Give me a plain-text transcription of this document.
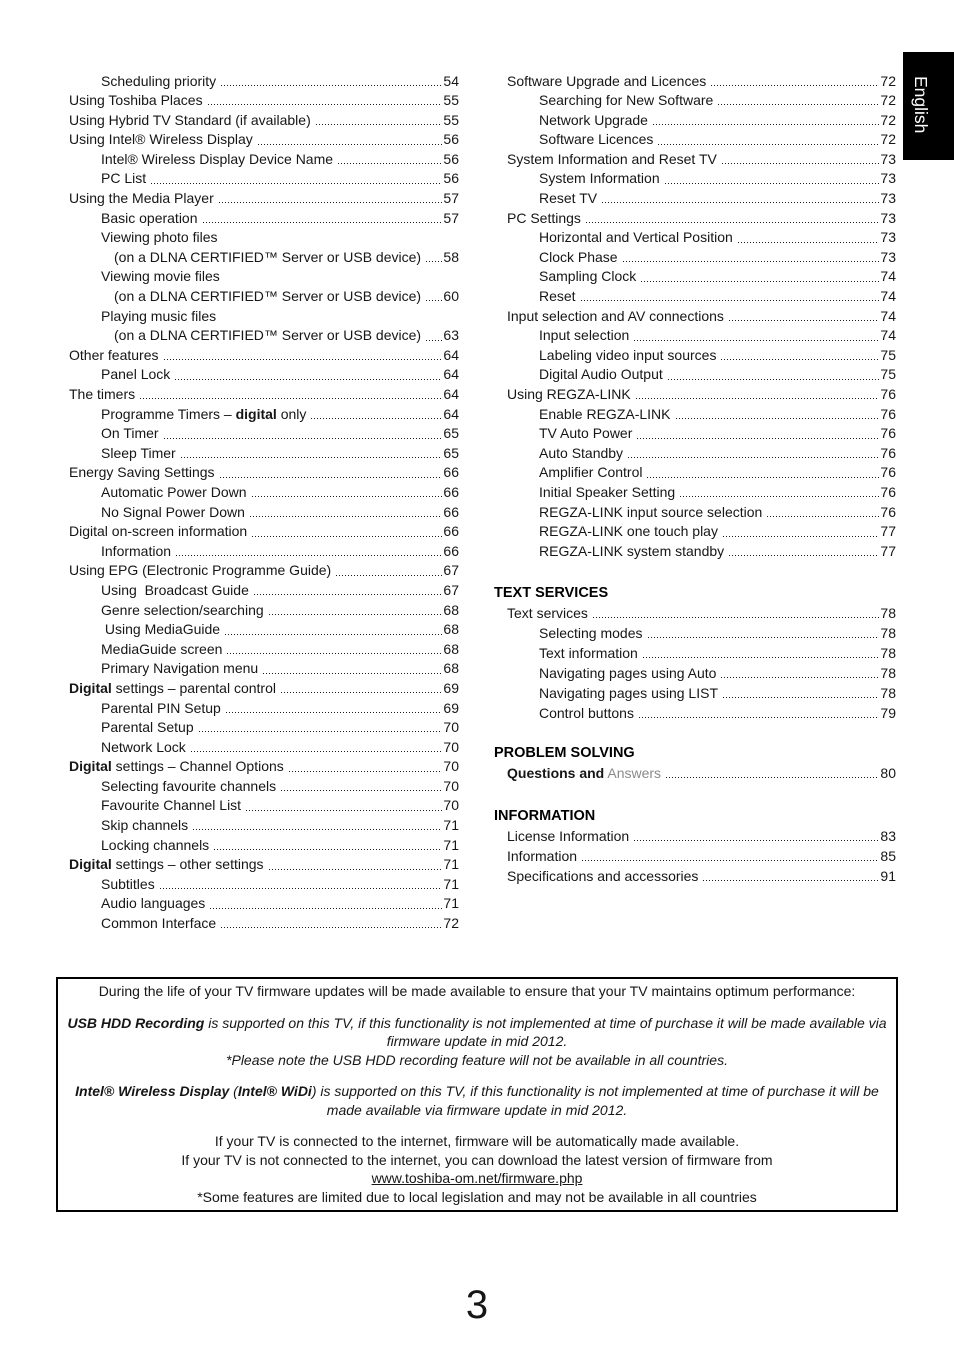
English
Scheduling priority	54
Using Toshiba Places	55
Using Hybrid TV Standard (if available)	55
Using Intel® Wireless Display	56
Intel® Wireless Display Device Name	56
PC List	56
Using the Media Player	57
Basic operation	57
Viewing photo files
(on a DLNA CERTIFIED™ Server or USB device) 58
Viewing movie files
(on a DLNA CERTIFIED™ Server or USB device) 60
Playing music files
(on a DLNA CERTIFIED™ Server or USB device) 63
Other features	64
Panel Lock	64
The timers	64
Programme Timers – digital only	64
On Timer	65
Sleep Timer	65
Energy Saving Settings	66
Automatic Power Down	66
No Signal Power Down	66
Digital on-screen information	66
Information	66
Using EPG (Electronic Programme Guide)	67
Using  Broadcast Guide	67
Genre selection/searching	68
Using MediaGuide	68
MediaGuide screen	68
Primary Navigation menu	68
Digital settings – parental control	69
Parental PIN Setup	69
Parental Setup	70
Network Lock	70
Digital settings – Channel Options	70
Selecting favourite channels	70
Favourite Channel List	70
Skip channels	71
Locking channels	71
Digital settings – other settings	71
Subtitles	71
Audio languages	71
Common Interface	72
Software Upgrade and Licences	72
Searching for New Software	72
Network Upgrade	72
Software Licences	72
System Information and Reset TV	73
System Information	73
Reset TV	73
PC Settings	73
Horizontal and Vertical Position	73
Clock Phase	73
Sampling Clock	74
Reset	74
Input selection and AV connections	74
Input selection	74
Labeling video input sources	75
Digital Audio Output	75
Using REGZA-LINK	76
Enable REGZA-LINK	76
TV Auto Power	76
Auto Standby	76
Amplifier Control	76
Initial Speaker Setting	76
REGZA-LINK input source selection	76
REGZA-LINK one touch play	77
REGZA-LINK system standby	77
TEXT SERVICES
Text services	78
Selecting modes	78
Text information	78
Navigating pages using Auto	78
Navigating pages using LIST	78
Control buttons	79
PROBLEM SOLVING
Questions and Answers	80
INFORMATION
License Information	83
Information	85
Specifications and accessories	91
During the life of your TV firmware updates will be made available to ensure that your TV maintains optimum performance:
USB HDD Recording is supported on this TV, if this functionality is not implemented at time of purchase it will be made available via
firmware update in mid 2012.
*Please note the USB HDD recording feature will not be available in all countries.
Intel® Wireless Display (Intel® WiDi) is supported on this TV, if this functionality is not implemented at time of purchase it will be
made available via firmware update in mid 2012.
If your TV is connected to the internet, firmware will be automatically made available.
If your TV is not connected to the internet, you can download the latest version of firmware from
www.toshiba-om.net/firmware.php
*Some features are limited due to local legislation and may not be available in all countries
3
